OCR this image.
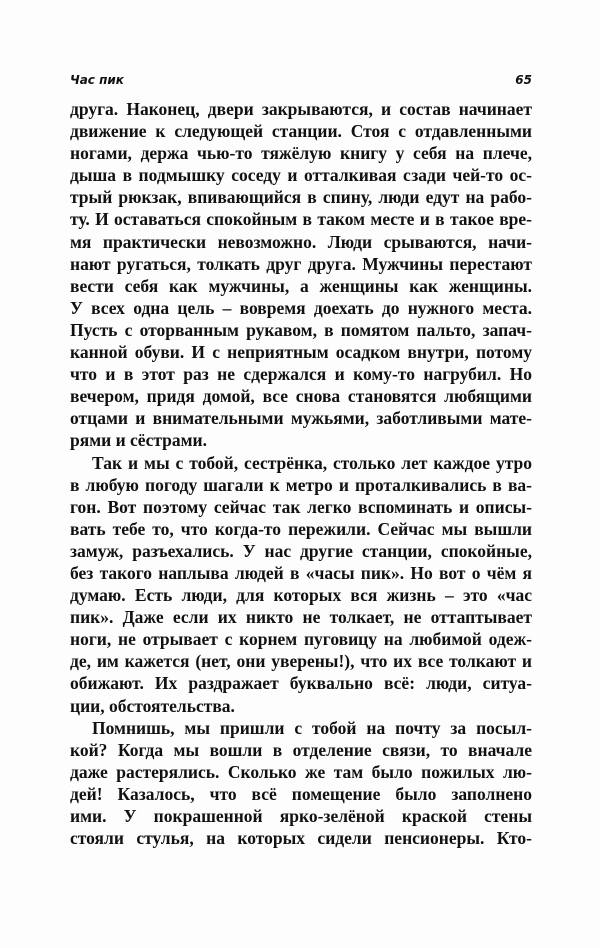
Час пик	65
друга. Наконец, двери закрываются, и состав начинает
движение к следующей станции. Стоя с отдавленными
ногами, держа чью-то тяжёлую книгу у себя на плече,
дыша в подмышку соседу и отталкивая сзади чей-то ос-
трый рюкзак, впивающийся в спину, люди едут на рабо-
ту. И оставаться спокойным в таком месте и в такое вре-
мя практически невозможно. Люди срываются, начи-
нают ругаться, толкать друг друга. Мужчины перестают
вести себя как мужчины, а женщины как женщины.
У всех одна цель – вовремя доехать до нужного места.
Пусть с оторванным рукавом, в помятом пальто, запач-
канной обуви. И с неприятным осадком внутри, потому
что и в этот раз не сдержался и кому-то нагрубил. Но
вечером, придя домой, все снова становятся любящими
отцами и внимательными мужьями, заботливыми мате-
рями и сёстрами.
Так и мы с тобой, сестрёнка, столько лет каждое утро
в любую погоду шагали к метро и проталкивались в ва-
гон. Вот поэтому сейчас так легко вспоминать и описы-
вать тебе то, что когда-то пережили. Сейчас мы вышли
замуж, разъехались. У нас другие станции, спокойные,
без такого наплыва людей в «часы пик». Но вот о чём я
думаю. Есть люди, для которых вся жизнь – это «час
пик». Даже если их никто не толкает, не оттаптывает
ноги, не отрывает с корнем пуговицу на любимой одеж-
де, им кажется (нет, они уверены!), что их все толкают и
обижают. Их раздражает буквально всё: люди, ситуа-
ции, обстоятельства.
Помнишь, мы пришли с тобой на почту за посыл-
кой? Когда мы вошли в отделение связи, то вначале
даже растерялись. Сколько же там было пожилых лю-
дей! Казалось, что всё помещение было заполнено
ими. У покрашенной ярко-зелёной краской стены
стояли стулья, на которых сидели пенсионеры. Кто-
